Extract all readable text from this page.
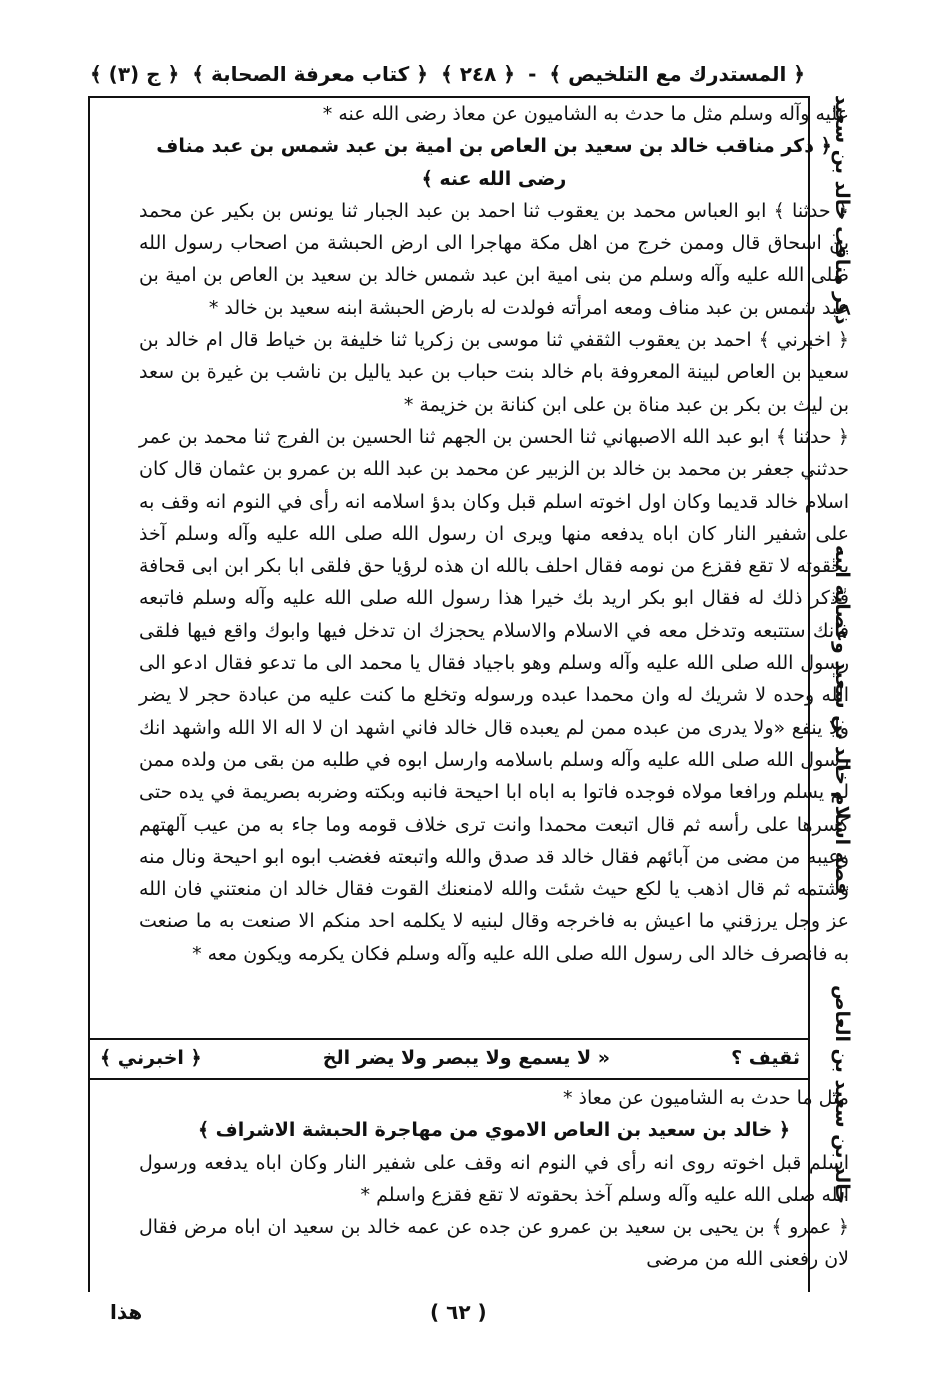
﴿ المستدرك مع التلخيص ﴾
-
﴿ ٢٤٨ ﴾
﴿ كتاب معرفة الصحابة ﴾
﴿ ج (٣) ﴾
ذكر مناقب خالد بن سعيد
قصة اسلام خالد بن سعيد وعصابة ابيه
خالد بن سعيد بن العاص

عليه وآله وسلم مثل ما حدث به الشاميون عن معاذ رضى الله عنه *

﴿ ذكر مناقب خالد بن سعيد بن العاص بن امية بن عبد شمس بن عبد مناف رضى الله عنه ﴾

﴿ حدثنا ﴾ ابو العباس محمد بن يعقوب ثنا احمد بن عبد الجبار ثنا يونس بن بكير عن محمد بن اسحاق قال وممن خرج من اهل مكة مهاجرا الى ارض الحبشة من اصحاب رسول الله صلى الله عليه وآله وسلم من بنى امية ابن عبد شمس خالد بن سعيد بن العاص بن امية بن عبد شمس بن عبد مناف ومعه امرأته فولدت له بارض الحبشة ابنه سعيد بن خالد *

﴿ اخبرني ﴾ احمد بن يعقوب الثقفي ثنا موسى بن زكريا ثنا خليفة بن خياط قال ام خالد بن سعيد بن العاص لبينة المعروفة بام خالد بنت حباب بن عبد ياليل بن ناشب بن غيرة بن سعد بن ليث بن بكر بن عبد مناة بن على ابن كنانة بن خزيمة *

﴿ حدثنا ﴾ ابو عبد الله الاصبهاني ثنا الحسن بن الجهم ثنا الحسين بن الفرج ثنا محمد بن عمر حدثني جعفر بن محمد بن خالد بن الزبير عن محمد بن عبد الله بن عمرو بن عثمان قال كان اسلام خالد قديما وكان اول اخوته اسلم قبل وكان بدؤ اسلامه انه رأى في النوم انه وقف به على شفير النار كان اباه يدفعه منها ويرى ان رسول الله صلى الله عليه وآله وسلم آخذ بحقوته لا تقع فقزع من نومه فقال احلف بالله ان هذه لرؤيا حق فلقى ابا بكر ابن ابى قحافة فذكر ذلك له فقال ابو بكر اريد بك خيرا هذا رسول الله صلى الله عليه وآله وسلم فاتبعه فانك ستتبعه وتدخل معه في الاسلام والاسلام يحجزك ان تدخل فيها وابوك واقع فيها فلقى رسول الله صلى الله عليه وآله وسلم وهو باجياد فقال يا محمد الى ما تدعو فقال ادعو الى الله وحده لا شريك له وان محمدا عبده ورسوله وتخلع ما كنت عليه من عبادة حجر لا يضر ولا ينفع «ولا يدرى من عبده ممن لم يعبده قال خالد فاني اشهد ان لا اله الا الله واشهد انك رسول الله صلى الله عليه وآله وسلم باسلامه وارسل ابوه في طلبه من بقى من ولده ممن لم يسلم ورافعا مولاه فوجده فاتوا به اباه ابا احيحة فانبه وبكته وضربه بصريمة في يده حتى كسرها على رأسه ثم قال اتبعت محمدا وانت ترى خلاف قومه وما جاء به من عيب آلهتهم وعيبه من مضى من آبائهم فقال خالد قد صدق والله واتبعته فغضب ابوه ابو احيحة ونال منه وشتمه ثم قال اذهب يا لكع حيث شئت والله لامنعنك القوت فقال خالد ان منعتني فان الله عز وجل يرزقني ما اعيش به فاخرجه وقال لبنيه لا يكلمه احد منكم الا صنعت به ما صنعت به فانصرف خالد الى رسول الله صلى الله عليه وآله وسلم فكان يكرمه ويكون معه *

ثقيف ؟
« لا يسمع ولا يبصر ولا يضر الخ
﴿ اخبرني ﴾

مثل ما حدث به الشاميون عن معاذ *

﴿ خالد بن سعيد بن العاص الاموي من مهاجرة الحبشة الاشراف ﴾

اسلم قبل اخوته روى انه رأى في النوم انه وقف على شفير النار وكان اباه يدفعه ورسول الله صلى الله عليه وآله وسلم آخذ بحقوته لا تقع فقزع واسلم *

﴿ عمرو ﴾ بن يحيى بن سعيد بن عمرو عن جده عن عمه خالد بن سعيد ان اباه مرض فقال لان رفعنى الله من مرضى

( ٦٢ )
هذا
